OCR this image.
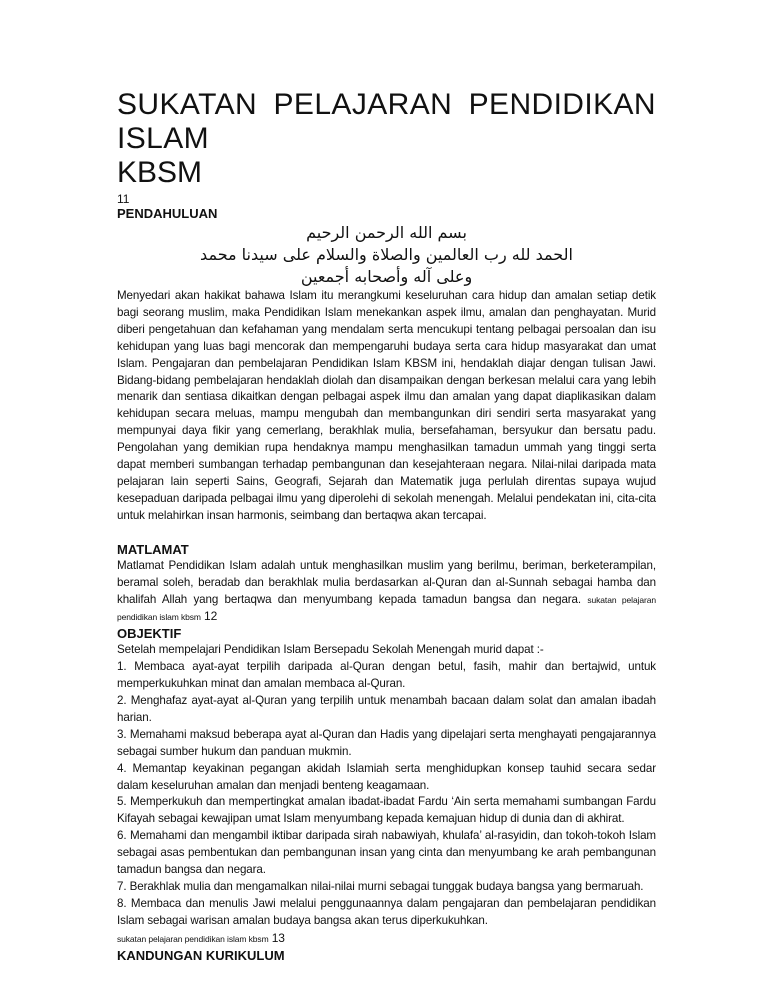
SUKATAN PELAJARAN PENDIDIKAN ISLAM
KBSM
11
PENDAHULUAN
بسم الله الرحمن الرحيم
الحمد لله رب العالمين والصلاة والسلام على سيدنا محمد
وعلى آله وأصحابه أجمعين

Menyedari akan hakikat bahawa Islam itu merangkumi keseluruhan cara hidup dan amalan setiap detik bagi seorang muslim, maka Pendidikan Islam menekankan aspek ilmu, amalan dan penghayatan. Murid diberi pengetahuan dan kefahaman yang mendalam serta mencukupi tentang pelbagai persoalan dan isu kehidupan yang luas bagi mencorak dan mempengaruhi budaya serta cara hidup masyarakat dan umat Islam. Pengajaran dan pembelajaran Pendidikan Islam KBSM ini, hendaklah diajar dengan tulisan Jawi. Bidang-bidang pembelajaran hendaklah diolah dan disampaikan dengan berkesan melalui cara yang lebih menarik dan sentiasa dikaitkan dengan pelbagai aspek ilmu dan amalan yang dapat diaplikasikan dalam kehidupan secara meluas, mampu mengubah dan membangunkan diri sendiri serta masyarakat yang mempunyai daya fikir yang cemerlang, berakhlak mulia, bersefahaman, bersyukur dan bersatu padu. Pengolahan yang demikian rupa hendaknya mampu menghasilkan tamadun ummah yang tinggi serta dapat memberi sumbangan terhadap pembangunan dan kesejahteraan negara. Nilai-nilai daripada mata pelajaran lain seperti Sains, Geografi, Sejarah dan Matematik juga perlulah direntas supaya wujud kesepaduan daripada pelbagai ilmu yang diperolehi di sekolah menengah. Melalui pendekatan ini, cita-cita untuk melahirkan insan harmonis, seimbang dan bertaqwa akan tercapai.

MATLAMAT

Matlamat Pendidikan Islam adalah untuk menghasilkan muslim yang berilmu, beriman, berketerampilan, beramal soleh, beradab dan berakhlak mulia berdasarkan al-Quran dan al-Sunnah sebagai hamba dan khalifah Allah yang bertaqwa dan menyumbang kepada tamadun bangsa dan negara. sukatan pelajaran pendidikan islam kbsm 12

OBJEKTIF

Setelah mempelajari Pendidikan Islam Bersepadu Sekolah Menengah murid dapat :-

1. Membaca ayat-ayat terpilih daripada al-Quran dengan betul, fasih, mahir dan bertajwid, untuk memperkukuhkan minat dan amalan membaca al-Quran.

2. Menghafaz ayat-ayat al-Quran yang terpilih untuk menambah bacaan dalam solat dan amalan ibadah harian.

3. Memahami maksud beberapa ayat al-Quran dan Hadis yang dipelajari serta menghayati pengajarannya sebagai sumber hukum dan panduan mukmin.

4. Memantap keyakinan pegangan akidah Islamiah serta menghidupkan konsep tauhid secara sedar dalam keseluruhan amalan dan menjadi benteng keagamaan.

5. Memperkukuh dan mempertingkat amalan ibadat-ibadat Fardu ‘Ain serta memahami sumbangan Fardu Kifayah sebagai kewajipan umat Islam menyumbang kepada kemajuan hidup di dunia dan di akhirat.

6. Memahami dan mengambil iktibar daripada sirah nabawiyah, khulafa’ al-rasyidin, dan tokoh-tokoh Islam sebagai asas pembentukan dan pembangunan insan yang cinta dan menyumbang ke arah pembangunan tamadun bangsa dan negara.

7. Berakhlak mulia dan mengamalkan nilai-nilai murni sebagai tunggak budaya bangsa yang bermaruah.

8. Membaca dan menulis Jawi melalui penggunaannya dalam pengajaran dan pembelajaran pendidikan Islam sebagai warisan amalan budaya bangsa akan terus diperkukuhkan.

sukatan pelajaran pendidikan islam kbsm 13

KANDUNGAN KURIKULUM
